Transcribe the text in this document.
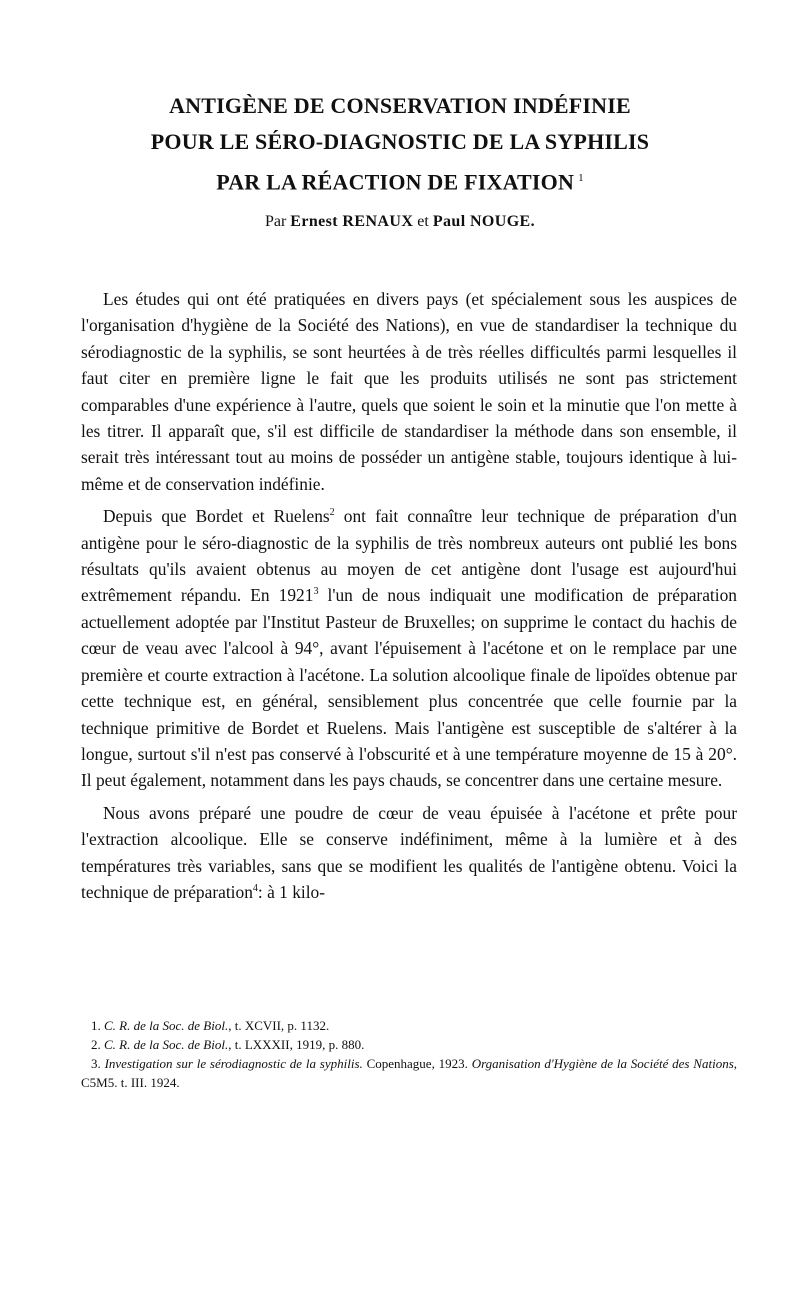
ANTIGÈNE DE CONSERVATION INDÉFINIE
POUR LE SÉRO-DIAGNOSTIC DE LA SYPHILIS
PAR LA RÉACTION DE FIXATION $^1$
Par Ernest RENAUX et Paul NOUGE.

Les études qui ont été pratiquées en divers pays (et spécialement sous les auspices de l'organisation d'hygiène de la Société des Nations), en vue de standardiser la technique du sérodiagnostic de la syphilis, se sont heurtées à de très réelles difficultés parmi lesquelles il faut citer en première ligne le fait que les produits utilisés ne sont pas strictement comparables d'une expérience à l'autre, quels que soient le soin et la minutie que l'on mette à les titrer. Il apparaît que, s'il est difficile de standardiser la méthode dans son ensemble, il serait très intéressant tout au moins de posséder un antigène stable, toujours identique à lui-même et de conservation indéfinie.

Depuis que Bordet et Ruelens$^2$ ont fait connaître leur technique de préparation d'un antigène pour le séro-diagnostic de la syphilis de très nombreux auteurs ont publié les bons résultats qu'ils avaient obtenus au moyen de cet antigène dont l'usage est aujourd'hui extrêmement répandu. En 1921$^3$ l'un de nous indiquait une modification de préparation actuellement adoptée par l'Institut Pasteur de Bruxelles; on supprime le contact du hachis de cœur de veau avec l'alcool à 94°, avant l'épuisement à l'acétone et on le remplace par une première et courte extraction à l'acétone. La solution alcoolique finale de lipoïdes obtenue par cette technique est, en général, sensiblement plus concentrée que celle fournie par la technique primitive de Bordet et Ruelens. Mais l'antigène est susceptible de s'altérer à la longue, surtout s'il n'est pas conservé à l'obscurité et à une température moyenne de 15 à 20°. Il peut également, notamment dans les pays chauds, se concentrer dans une certaine mesure.

Nous avons préparé une poudre de cœur de veau épuisée à l'acétone et prête pour l'extraction alcoolique. Elle se conserve indéfiniment, même à la lumière et à des températures très variables, sans que se modifient les qualités de l'antigène obtenu. Voici la technique de préparation$^4$: à 1 kilo-

1. C. R. de la Soc. de Biol., t. XCVII, p. 1132.

2. C. R. de la Soc. de Biol., t. LXXXII, 1919, p. 880.

3. Investigation sur le sérodiagnostic de la syphilis. Copenhague, 1923. Organisation d'Hygiène de la Société des Nations, C5M5. t. III. 1924.
